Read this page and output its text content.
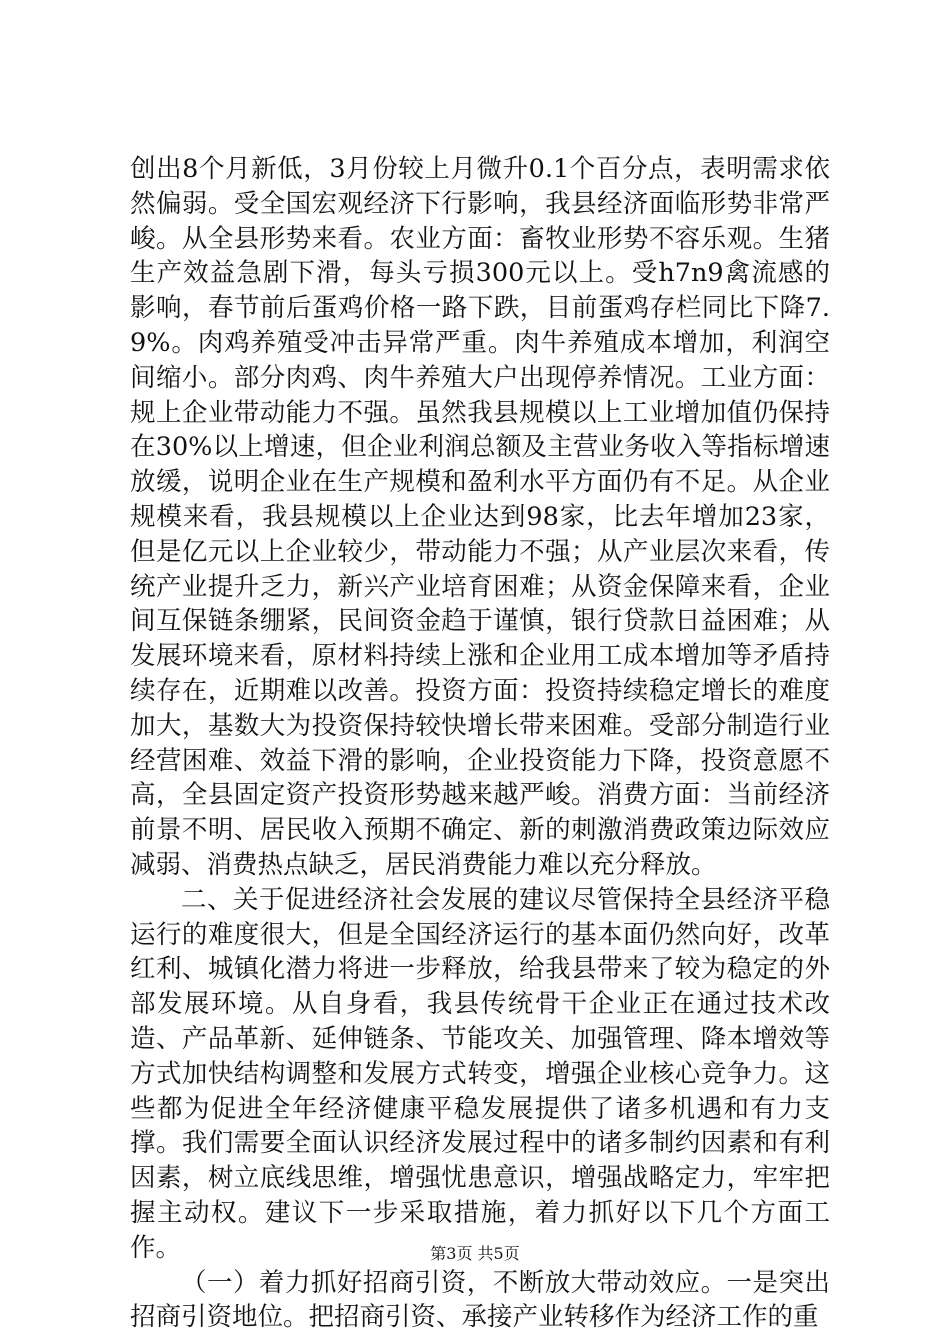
创出8个月新低，3月份较上月微升0.1个百分点，表明需求依然偏弱。受全国宏观经济下行影响，我县经济面临形势非常严峻。从全县形势来看。农业方面：畜牧业形势不容乐观。生猪生产效益急剧下滑，每头亏损300元以上。受h7n9禽流感的影响，春节前后蛋鸡价格一路下跌，目前蛋鸡存栏同比下降7.9%。肉鸡养殖受冲击异常严重。肉牛养殖成本增加，利润空间缩小。部分肉鸡、肉牛养殖大户出现停养情况。工业方面：规上企业带动能力不强。虽然我县规模以上工业增加值仍保持在30%以上增速，但企业利润总额及主营业务收入等指标增速放缓，说明企业在生产规模和盈利水平方面仍有不足。从企业规模来看，我县规模以上企业达到98家，比去年增加23家，但是亿元以上企业较少，带动能力不强；从产业层次来看，传统产业提升乏力，新兴产业培育困难；从资金保障来看，企业间互保链条绷紧，民间资金趋于谨慎，银行贷款日益困难；从发展环境来看，原材料持续上涨和企业用工成本增加等矛盾持续存在，近期难以改善。投资方面：投资持续稳定增长的难度加大，基数大为投资保持较快增长带来困难。受部分制造行业经营困难、效益下滑的影响，企业投资能力下降，投资意愿不高，全县固定资产投资形势越来越严峻。消费方面：当前经济前景不明、居民收入预期不确定、新的刺激消费政策边际效应减弱、消费热点缺乏，居民消费能力难以充分释放。

二、关于促进经济社会发展的建议尽管保持全县经济平稳运行的难度很大，但是全国经济运行的基本面仍然向好，改革红利、城镇化潜力将进一步释放，给我县带来了较为稳定的外部发展环境。从自身看，我县传统骨干企业正在通过技术改造、产品革新、延伸链条、节能攻关、加强管理、降本增效等方式加快结构调整和发展方式转变，增强企业核心竞争力。这些都为促进全年经济健康平稳发展提供了诸多机遇和有力支撑。我们需要全面认识经济发展过程中的诸多制约因素和有利因素，树立底线思维，增强忧患意识，增强战略定力，牢牢把握主动权。建议下一步采取措施，着力抓好以下几个方面工作。

（一）着力抓好招商引资，不断放大带动效应。一是突出招商引资地位。把招商引资、承接产业转移作为经济工作的重

第3页 共5页
